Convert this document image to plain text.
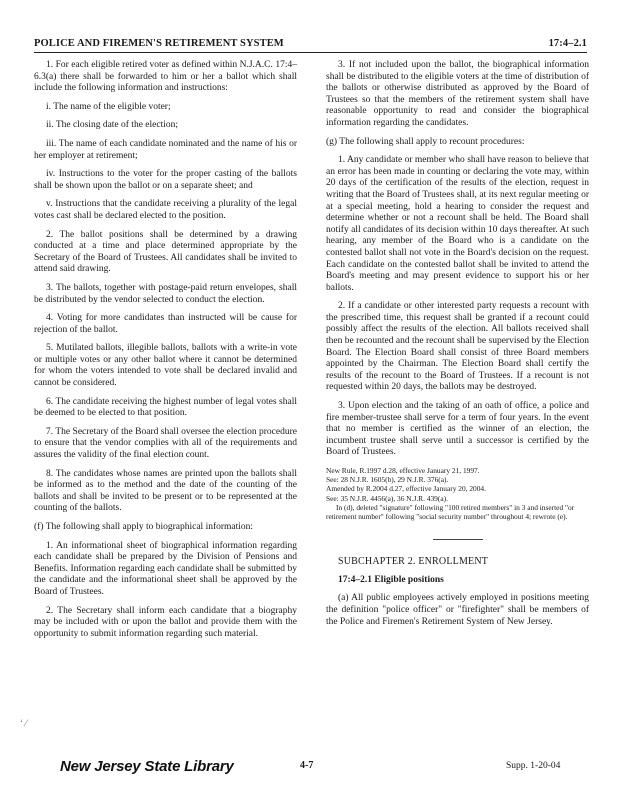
POLICE AND FIREMEN'S RETIREMENT SYSTEM	17:4–2.1

1. For each eligible retired voter as defined within N.J.A.C. 17:4–6.3(a) there shall be forwarded to him or her a ballot which shall include the following information and instructions:

i. The name of the eligible voter;

ii. The closing date of the election;

iii. The name of each candidate nominated and the name of his or her employer at retirement;

iv. Instructions to the voter for the proper casting of the ballots shall be shown upon the ballot or on a separate sheet; and

v. Instructions that the candidate receiving a plurality of the legal votes cast shall be declared elected to the position.

2. The ballot positions shall be determined by a drawing conducted at a time and place determined appropriate by the Secretary of the Board of Trustees. All candidates shall be invited to attend said drawing.

3. The ballots, together with postage-paid return envelopes, shall be distributed by the vendor selected to conduct the election.

4. Voting for more candidates than instructed will be cause for rejection of the ballot.

5. Mutilated ballots, illegible ballots, ballots with a write-in vote or multiple votes or any other ballot where it cannot be determined for whom the voters intended to vote shall be declared invalid and cannot be considered.

6. The candidate receiving the highest number of legal votes shall be deemed to be elected to that position.

7. The Secretary of the Board shall oversee the election procedure to ensure that the vendor complies with all of the requirements and assures the validity of the final election count.

8. The candidates whose names are printed upon the ballots shall be informed as to the method and the date of the counting of the ballots and shall be invited to be present or to be represented at the counting of the ballots.

(f) The following shall apply to biographical information:

1. An informational sheet of biographical information regarding each candidate shall be prepared by the Division of Pensions and Benefits. Information regarding each candidate shall be submitted by the candidate and the informational sheet shall be approved by the Board of Trustees.

2. The Secretary shall inform each candidate that a biography may be included with or upon the ballot and provide them with the opportunity to submit information regarding such material.

3. If not included upon the ballot, the biographical information shall be distributed to the eligible voters at the time of distribution of the ballots or otherwise distributed as approved by the Board of Trustees so that the members of the retirement system shall have reasonable opportunity to read and consider the biographical information regarding the candidates.

(g) The following shall apply to recount procedures:

1. Any candidate or member who shall have reason to believe that an error has been made in counting or declaring the vote may, within 20 days of the certification of the results of the election, request in writing that the Board of Trustees shall, at its next regular meeting or at a special meeting, hold a hearing to consider the request and determine whether or not a recount shall be held. The Board shall notify all candidates of its decision within 10 days thereafter. At such hearing, any member of the Board who is a candidate on the contested ballot shall not vote in the Board's decision on the request. Each candidate on the contested ballot shall be invited to attend the Board's meeting and may present evidence to support his or her ballots.

2. If a candidate or other interested party requests a recount with the prescribed time, this request shall be granted if a recount could possibly affect the results of the election. All ballots received shall then be recounted and the recount shall be supervised by the Election Board. The Election Board shall consist of three Board members appointed by the Chairman. The Election Board shall certify the results of the recount to the Board of Trustees. If a recount is not requested within 20 days, the ballots may be destroyed.

3. Upon election and the taking of an oath of office, a police and fire member-trustee shall serve for a term of four years. In the event that no member is certified as the winner of an election, the incumbent trustee shall serve until a successor is certified by the Board of Trustees.

New Rule, R.1997 d.28, effective January 21, 1997.
See: 28 N.J.R. 1605(b), 29 N.J.R. 376(a).
Amended by R.2004 d.27, effective January 20, 2004.
See: 35 N.J.R. 4456(a), 36 N.J.R. 439(a).
In (d), deleted "signature" following "100 retired members" in 3 and inserted "or retirement number" following "social security number" throughout 4; rewrote (e).

SUBCHAPTER 2. ENROLLMENT

17:4–2.1 Eligible positions

(a) All public employees actively employed in positions meeting the definition "police officer" or "firefighter" shall be members of the Police and Firemen's Retirement System of New Jersey.

‘ ⁄
New Jersey State Library	4-7	Supp. 1-20-04
